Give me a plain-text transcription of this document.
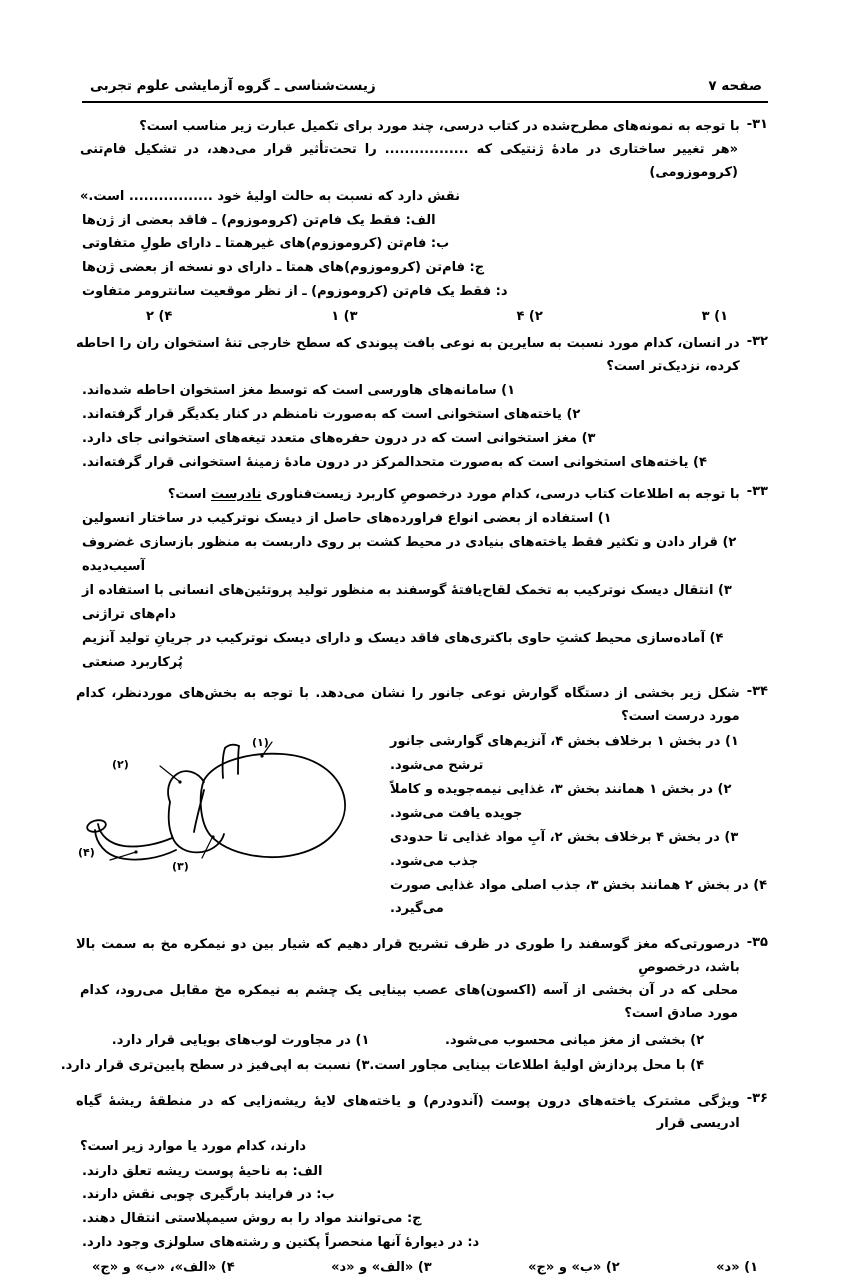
زیست‌شناسی ـ گروه آزمایشی علوم تجربی	صفحه ۷
۳۱-
با توجه به نمونه‌های مطرح‌شده در کتاب درسی، چند مورد برای تکمیل عبارت زیر مناسب است؟
«هر تغییر ساختاری در مادهٔ ژنتیکی که ................. را تحت‌تأثیر قرار می‌دهد، در تشکیل فام‌تنی (کروموزومی)
نقش دارد که نسبت به حالت اولیهٔ خود ................. است.»
الف: فقط یک فام‌تن (کروموزوم) ـ فاقد بعضی از ژن‌ها
ب: فام‌تن (کروموزوم)های غیرهمتا ـ دارای طولِ متفاوتی
ج: فام‌تن (کروموزوم)های همتا ـ دارای دو نسخه از بعضی ژن‌ها
د: فقط یک فام‌تن (کروموزوم) ـ از نظر موقعیت سانترومر متفاوت
۱) ۳
۲) ۴
۳) ۱
۴) ۲
۳۲-
در انسان، کدام مورد نسبت به سایرین به نوعی بافت پیوندی که سطح خارجی تنهٔ استخوان ران را احاطه کرده، نزدیک‌تر است؟
۱) سامانه‌های هاورسی است که توسط مغز استخوان احاطه شده‌اند.
۲) یاخته‌های استخوانی است که به‌صورت نامنظم در کنار یکدیگر قرار گرفته‌اند.
۳) مغز استخوانی است که در درون حفره‌های متعدد تیغه‌های استخوانی جای دارد.
۴) یاخته‌های استخوانی است که به‌صورت متحدالمرکز در درون مادهٔ زمینهٔ استخوانی قرار گرفته‌اند.
۳۳-
با توجه به اطلاعات کتاب درسی، کدام مورد درخصوصِ کاربرد زیست‌فناوری نادرست است؟
۱) استفاده از بعضی انواع فراورده‌های حاصل از دیسک نوترکیب در ساختار انسولین
۲) قرار دادن و تکثیر فقط یاخته‌های بنیادی در محیط کشت بر روی داربست به منظور بازسازی غضروف آسیب‌دیده
۳) انتقال دیسک نوترکیب به تخمک لقاح‌یافتهٔ گوسفند به منظور تولید پروتئین‌های انسانی با استفاده از دام‌های تراژنی
۴) آماده‌سازی محیط کشتِ حاوی باکتری‌های فاقد دیسک و دارای دیسک نوترکیب در جریانِ تولید آنزیم پُرکاربرد صنعتی
۳۴-
شکل زیر بخشی از دستگاه گوارش نوعی جانور را نشان می‌دهد. با توجه به بخش‌های موردنظر، کدام مورد درست است؟
۱) در بخش ۱ برخلاف بخش ۴، آنزیم‌های گوارشی جانور ترشح می‌شود.
۲) در بخش ۱ همانند بخش ۳، غذایی نیمه‌جویده و کاملاً جویده یافت می‌شود.
۳) در بخش ۴ برخلاف بخش ۲، آبِ مواد غذایی تا حدودی جذب می‌شود.
۴) در بخش ۲ همانند بخش ۳، جذب اصلی مواد غذایی صورت می‌گیرد.
(۱)
(۲)
(۳)
(۴)
۳۵-
درصورتی‌که مغز گوسفند را طوری در ظرف تشریح قرار دهیم که شیار بین دو نیمکره مخ به سمت بالا باشد، درخصوصِ
محلی که در آن بخشی از آسه (اکسون)های عصب بینایی یک چشم به نیمکره مخ مقابل می‌رود، کدام مورد صادق است؟
۲) بخشی از مغز میانی محسوب می‌شود.
۱) در مجاورت لوب‌های بویایی قرار دارد.
۴) با محل پردازش اولیهٔ اطلاعات بینایی مجاور است.
۳) نسبت به اپی‌فیز در سطح پایین‌تری قرار دارد.
۳۶-
ویژگی مشترک یاخته‌های درون پوست (آندودرم) و یاخته‌های لایهٔ ریشه‌زایی که در منطقهٔ ریشهٔ گیاه ادریسی قرار
دارند، کدام مورد یا موارد زیر است؟
الف: به ناحیهٔ پوست ریشه تعلق دارند.
ب: در فرایند بارگیری چوبی نقش دارند.
ج: می‌توانند مواد را به روش سیمپلاستی انتقال دهند.
د: در دیوارهٔ آنها منحصراً پکتین و رشته‌های سلولزی وجود دارد.
۱) «د»
۲) «ب» و «ج»
۳) «الف» و «د»
۴) «الف»، «ب» و «ج»
